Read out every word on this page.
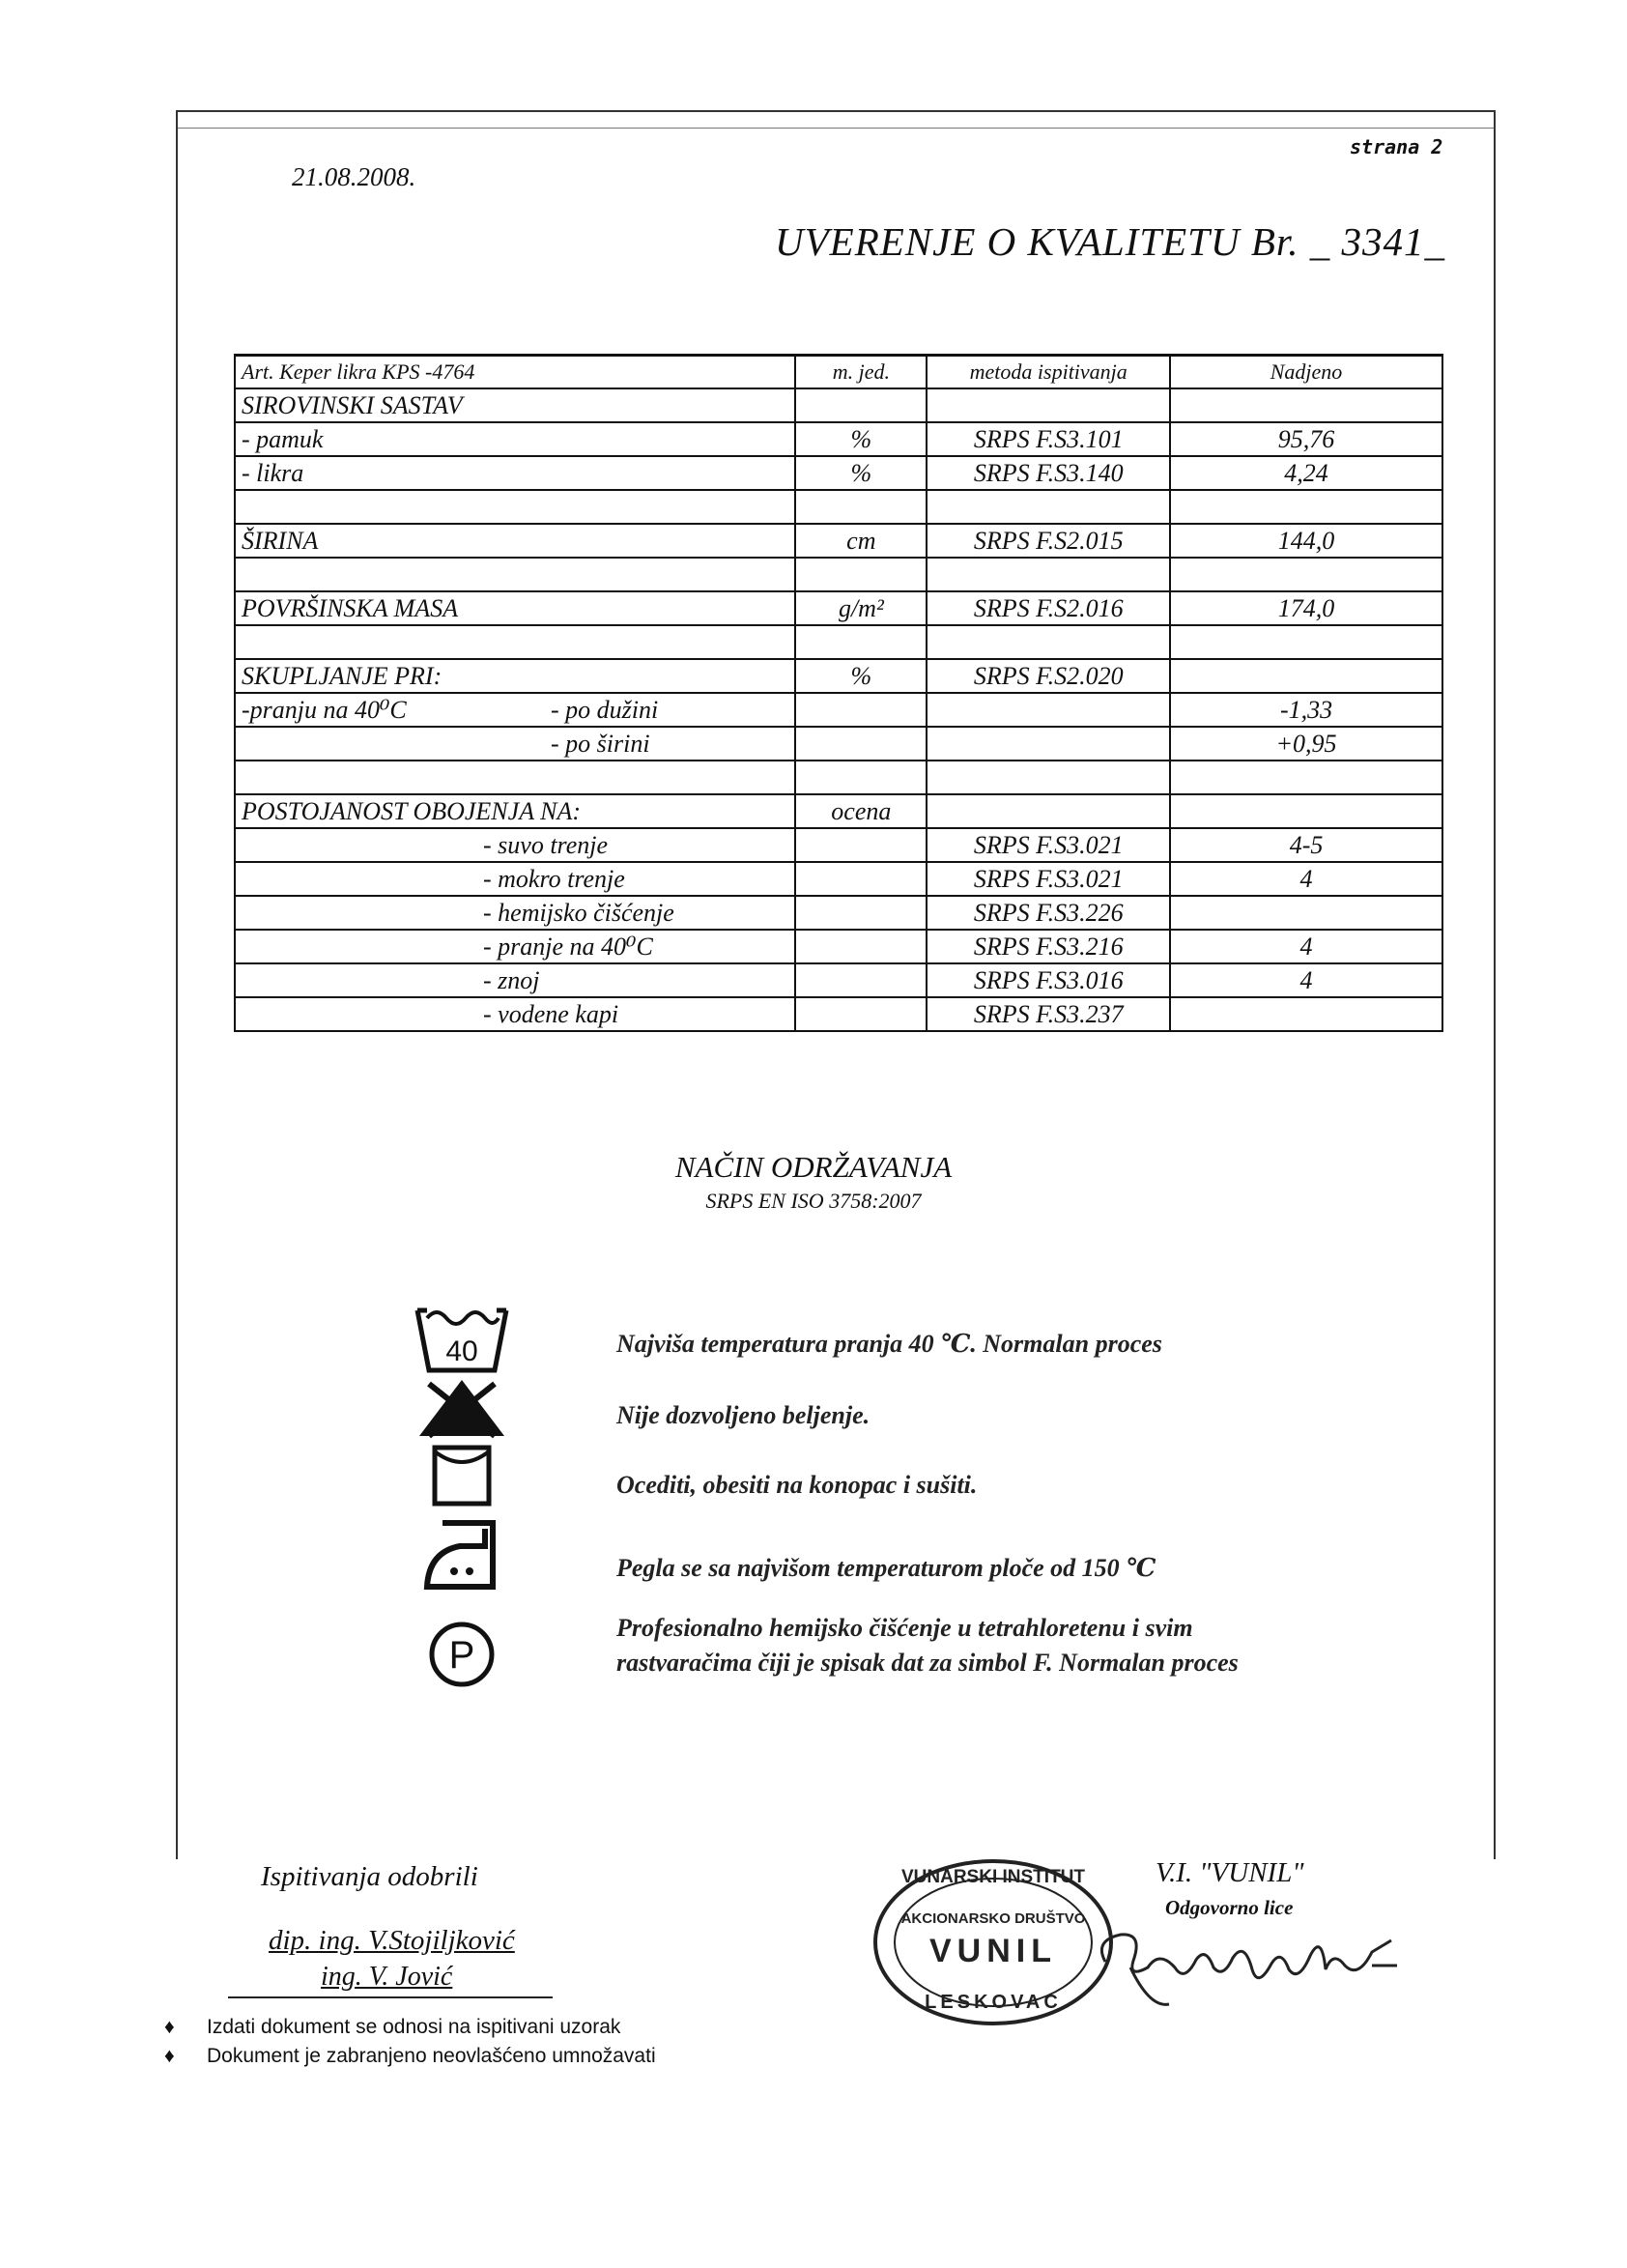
21.08.2008.
strana 2
UVERENJE O KVALITETU Br. _ 3341_
Art. Keper likra KPS -4764	m. jed.	metoda ispitivanja	Nadjeno
SIROVINSKI SASTAV			
- pamuk	%	SRPS F.S3.101	95,76
- likra	%	SRPS F.S3.140	4,24

ŠIRINA	cm	SRPS F.S2.015	144,0

POVRŠINSKA MASA	g/m²	SRPS F.S2.016	174,0

SKUPLJANJE PRI:	%	SRPS F.S2.020	
-pranju na 40⁰C - po dužini			-1,33
- po širini			+0,95

POSTOJANOST OBOJENJA NA:	ocena		
- suvo trenje		SRPS F.S3.021	4-5
- mokro trenje		SRPS F.S3.021	4
- hemijsko čišćenje		SRPS F.S3.226	
- pranje na 40⁰C		SRPS F.S3.216	4
- znoj		SRPS F.S3.016	4
- vodene kapi		SRPS F.S3.237	
NAČIN ODRŽAVANJA
SRPS EN ISO 3758:2007
40
P
Najviša temperatura pranja 40 ℃. Normalan proces
Nije dozvoljeno beljenje.
Ocediti, obesiti na konopac i sušiti.
Pegla se sa najvišom temperaturom ploče od 150 ℃
Profesionalno hemijsko čišćenje u tetrahloretenu i svim
rastvaračima čiji je spisak dat za simbol F. Normalan proces
Ispitivanja odobrili
dip. ing. V.Stojiljković
ing. V. Jović
VUNARSKI INSTITUT
AKCIONARSKO DRUŠTVO
VUNIL
LESKOVAC
V.I. "VUNIL"
Odgovorno lice
♦ Izdati dokument se odnosi na ispitivani uzorak
♦ Dokument je zabranjeno neovlašćeno umnožavati
